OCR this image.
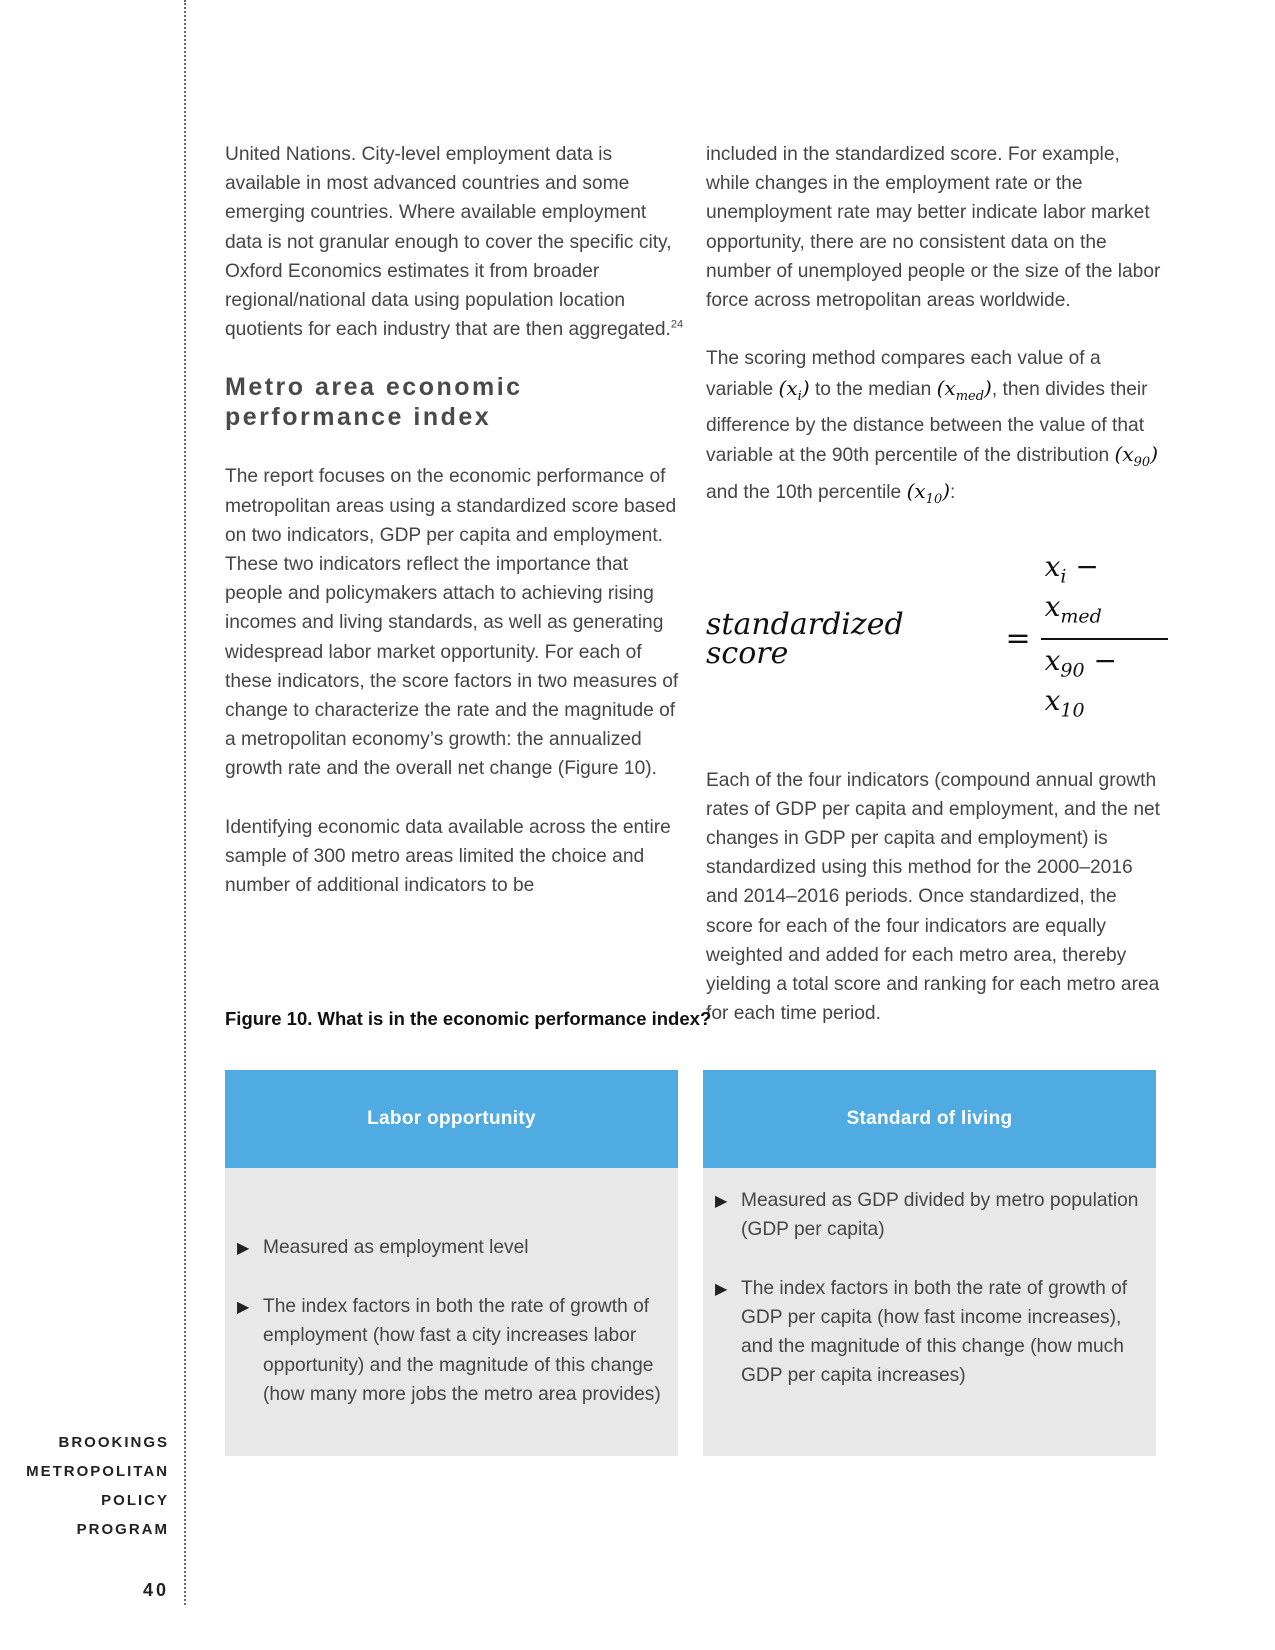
BROOKINGS
METROPOLITAN
POLICY
PROGRAM
40

United Nations. City-level employment data is available in most advanced countries and some emerging countries. Where available employment data is not granular enough to cover the specific city, Oxford Economics estimates it from broader regional/national data using population location quotients for each industry that are then aggregated.$^{24}$

Metro area economic performance index

The report focuses on the economic performance of metropolitan areas using a standardized score based on two indicators, GDP per capita and employment. These two indicators reflect the importance that people and policymakers attach to achieving rising incomes and living standards, as well as generating widespread labor market opportunity. For each of these indicators, the score factors in two measures of change to characterize the rate and the magnitude of a metropolitan economy’s growth: the annualized growth rate and the overall net change (Figure 10).

Identifying economic data available across the entire sample of 300 metro areas limited the choice and number of additional indicators to be

included in the standardized score. For example, while changes in the employment rate or the unemployment rate may better indicate labor market opportunity, there are no consistent data on the number of unemployed people or the size of the labor force across metropolitan areas worldwide.

The scoring method compares each value of a variable $(x_i)$ to the median $(x_{med})$, then divides their difference by the distance between the value of that variable at the 90th percentile of the distribution $(x_{90})$ and the 10th percentile $(x_{10})$:

standardized score	= $\frac{x_i - x_{med}}{x_{90} - x_{10}}$

Each of the four indicators (compound annual growth rates of GDP per capita and employment, and the net changes in GDP per capita and employment) is standardized using this method for the 2000–2016 and 2014–2016 periods. Once standardized, the score for each of the four indicators are equally weighted and added for each metro area, thereby yielding a total score and ranking for each metro area for each time period.

Figure 10. What is in the economic performance index?
Labor opportunity
▶ Measured as employment level
▶ The index factors in both the rate of growth of employment (how fast a city increases labor opportunity) and the magnitude of this change (how many more jobs the metro area provides)
Standard of living
▶ Measured as GDP divided by metro population (GDP per capita)
▶ The index factors in both the rate of growth of GDP per capita (how fast income increases), and the magnitude of this change (how much GDP per capita increases)
